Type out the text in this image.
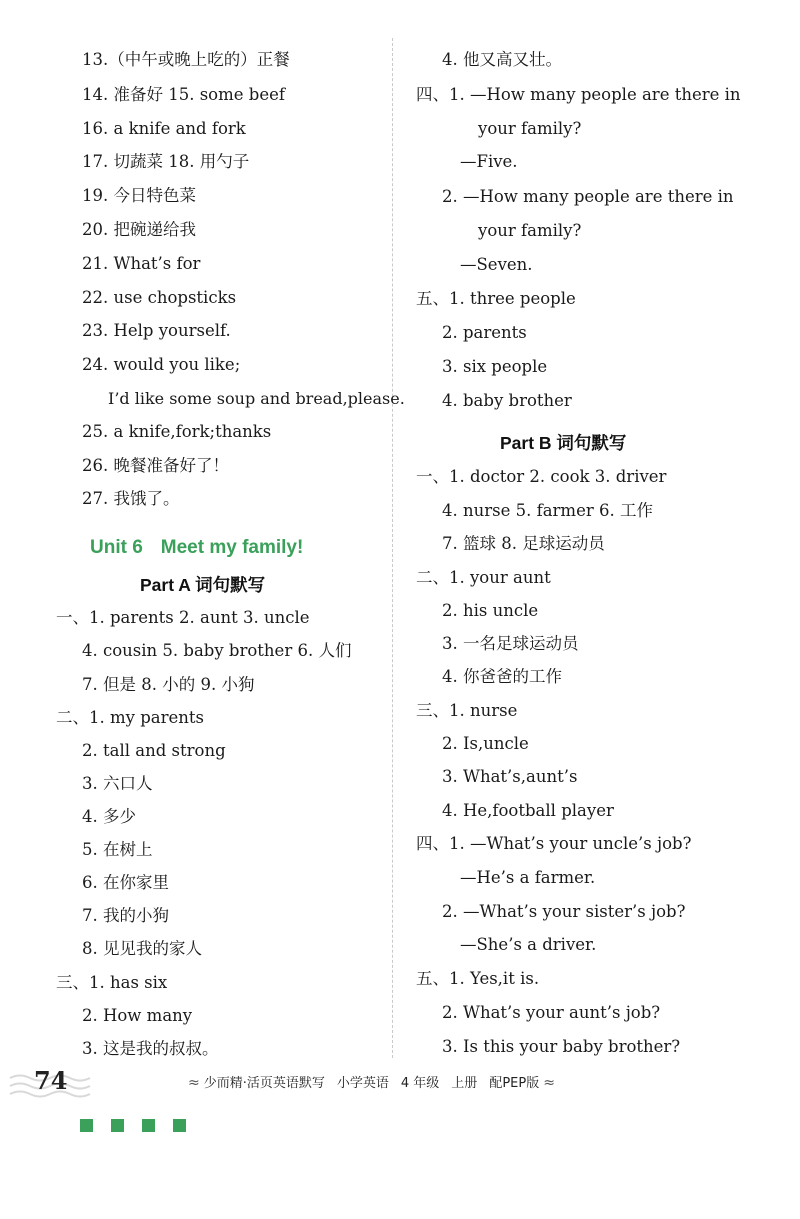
13.（中午或晚上吃的）正餐
14. 准备好 15. some beef
16. a knife and fork
17. 切蔬菜 18. 用勺子
19. 今日特色菜
20. 把碗递给我
21. What’s for
22. use chopsticks
23. Help yourself.
24. would you like;
I’d like some soup and bread,please.
25. a knife,fork;thanks
26. 晚餐准备好了！
27. 我饿了。
Unit 6 Meet my family!
Part A 词句默写
一、1. parents 2. aunt 3. uncle
4. cousin 5. baby brother 6. 人们
7. 但是 8. 小的 9. 小狗
二、1. my parents
2. tall and strong
3. 六口人
4. 多少
5. 在树上
6. 在你家里
7. 我的小狗
8. 见见我的家人
三、1. has six
2. How many
3. 这是我的叔叔。
4. 他又高又壮。
四、1. —How many people are there in
your family?
—Five.
2. —How many people are there in
your family?
—Seven.
五、1. three people
2. parents
3. six people
4. baby brother
Part B 词句默写
一、1. doctor 2. cook 3. driver
4. nurse 5. farmer 6. 工作
7. 篮球 8. 足球运动员
二、1. your aunt
2. his uncle
3. 一名足球运动员
4. 你爸爸的工作
三、1. nurse
2. Is,uncle
3. What’s,aunt’s
4. He,football player
四、1. —What’s your uncle’s job?
—He’s a farmer.
2. —What’s your sister’s job?
—She’s a driver.
五、1. Yes,it is.
2. What’s your aunt’s job?
3. Is this your baby brother?
74	≈ 少而精·活页英语默写 小学英语 4 年级 上册 配PEP版 ≈
